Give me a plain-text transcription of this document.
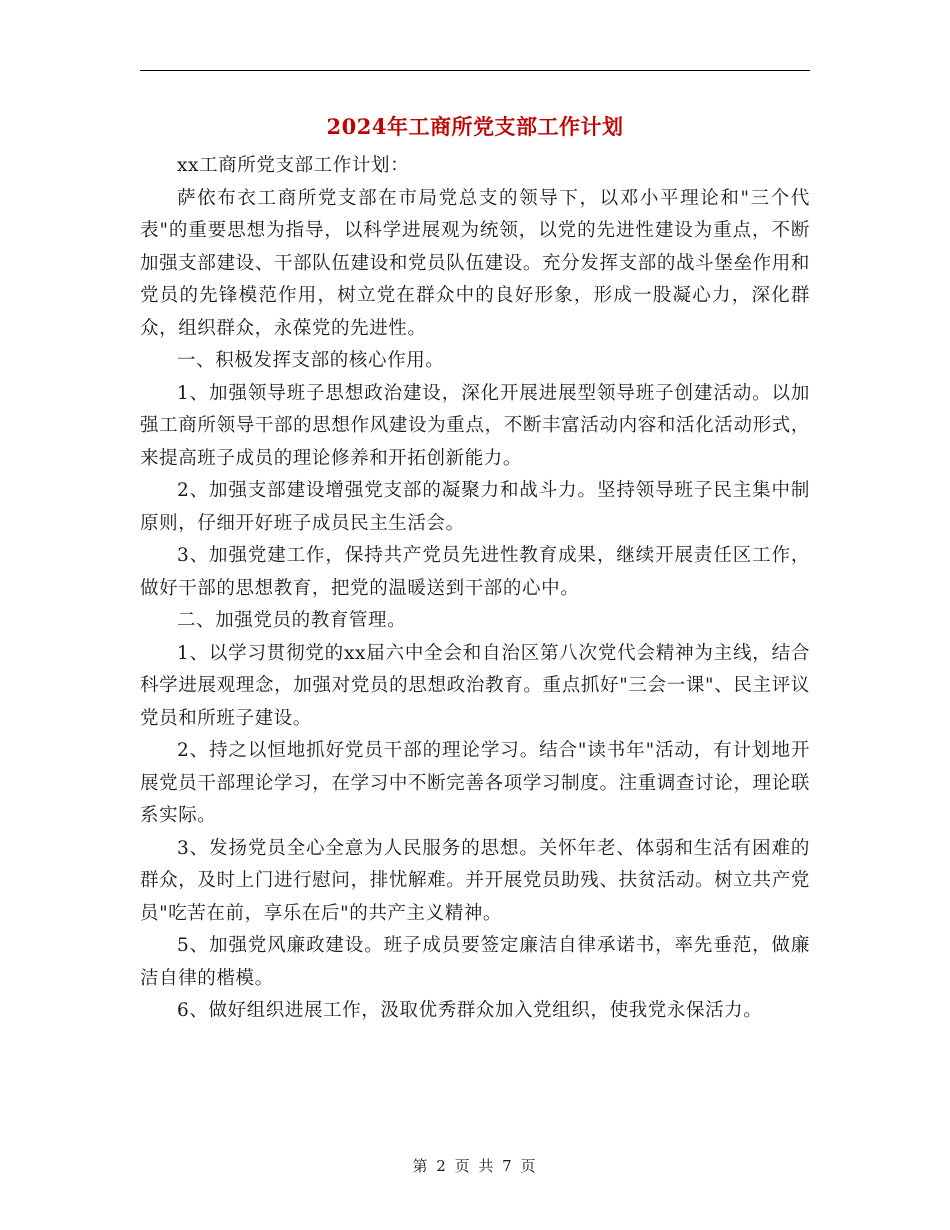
2024年工商所党支部工作计划

xx工商所党支部工作计划：

萨依布衣工商所党支部在市局党总支的领导下，以邓小平理论和"三个代表"的重要思想为指导，以科学进展观为统领，以党的先进性建设为重点，不断加强支部建设、干部队伍建设和党员队伍建设。充分发挥支部的战斗堡垒作用和党员的先锋模范作用，树立党在群众中的良好形象，形成一股凝心力，深化群众，组织群众，永葆党的先进性。

一、积极发挥支部的核心作用。

1、加强领导班子思想政治建设，深化开展进展型领导班子创建活动。以加强工商所领导干部的思想作风建设为重点，不断丰富活动内容和活化活动形式，来提高班子成员的理论修养和开拓创新能力。

2、加强支部建设增强党支部的凝聚力和战斗力。坚持领导班子民主集中制原则，仔细开好班子成员民主生活会。

3、加强党建工作，保持共产党员先进性教育成果，继续开展责任区工作，做好干部的思想教育，把党的温暖送到干部的心中。

二、加强党员的教育管理。

1、以学习贯彻党的xx届六中全会和自治区第八次党代会精神为主线，结合科学进展观理念，加强对党员的思想政治教育。重点抓好"三会一课"、民主评议党员和所班子建设。

2、持之以恒地抓好党员干部的理论学习。结合"读书年"活动，有计划地开展党员干部理论学习，在学习中不断完善各项学习制度。注重调查讨论，理论联系实际。

3、发扬党员全心全意为人民服务的思想。关怀年老、体弱和生活有困难的群众，及时上门进行慰问，排忧解难。并开展党员助残、扶贫活动。树立共产党员"吃苦在前，享乐在后"的共产主义精神。

5、加强党风廉政建设。班子成员要签定廉洁自律承诺书，率先垂范，做廉洁自律的楷模。

6、做好组织进展工作，汲取优秀群众加入党组织，使我党永保活力。

第 2 页 共 7 页
